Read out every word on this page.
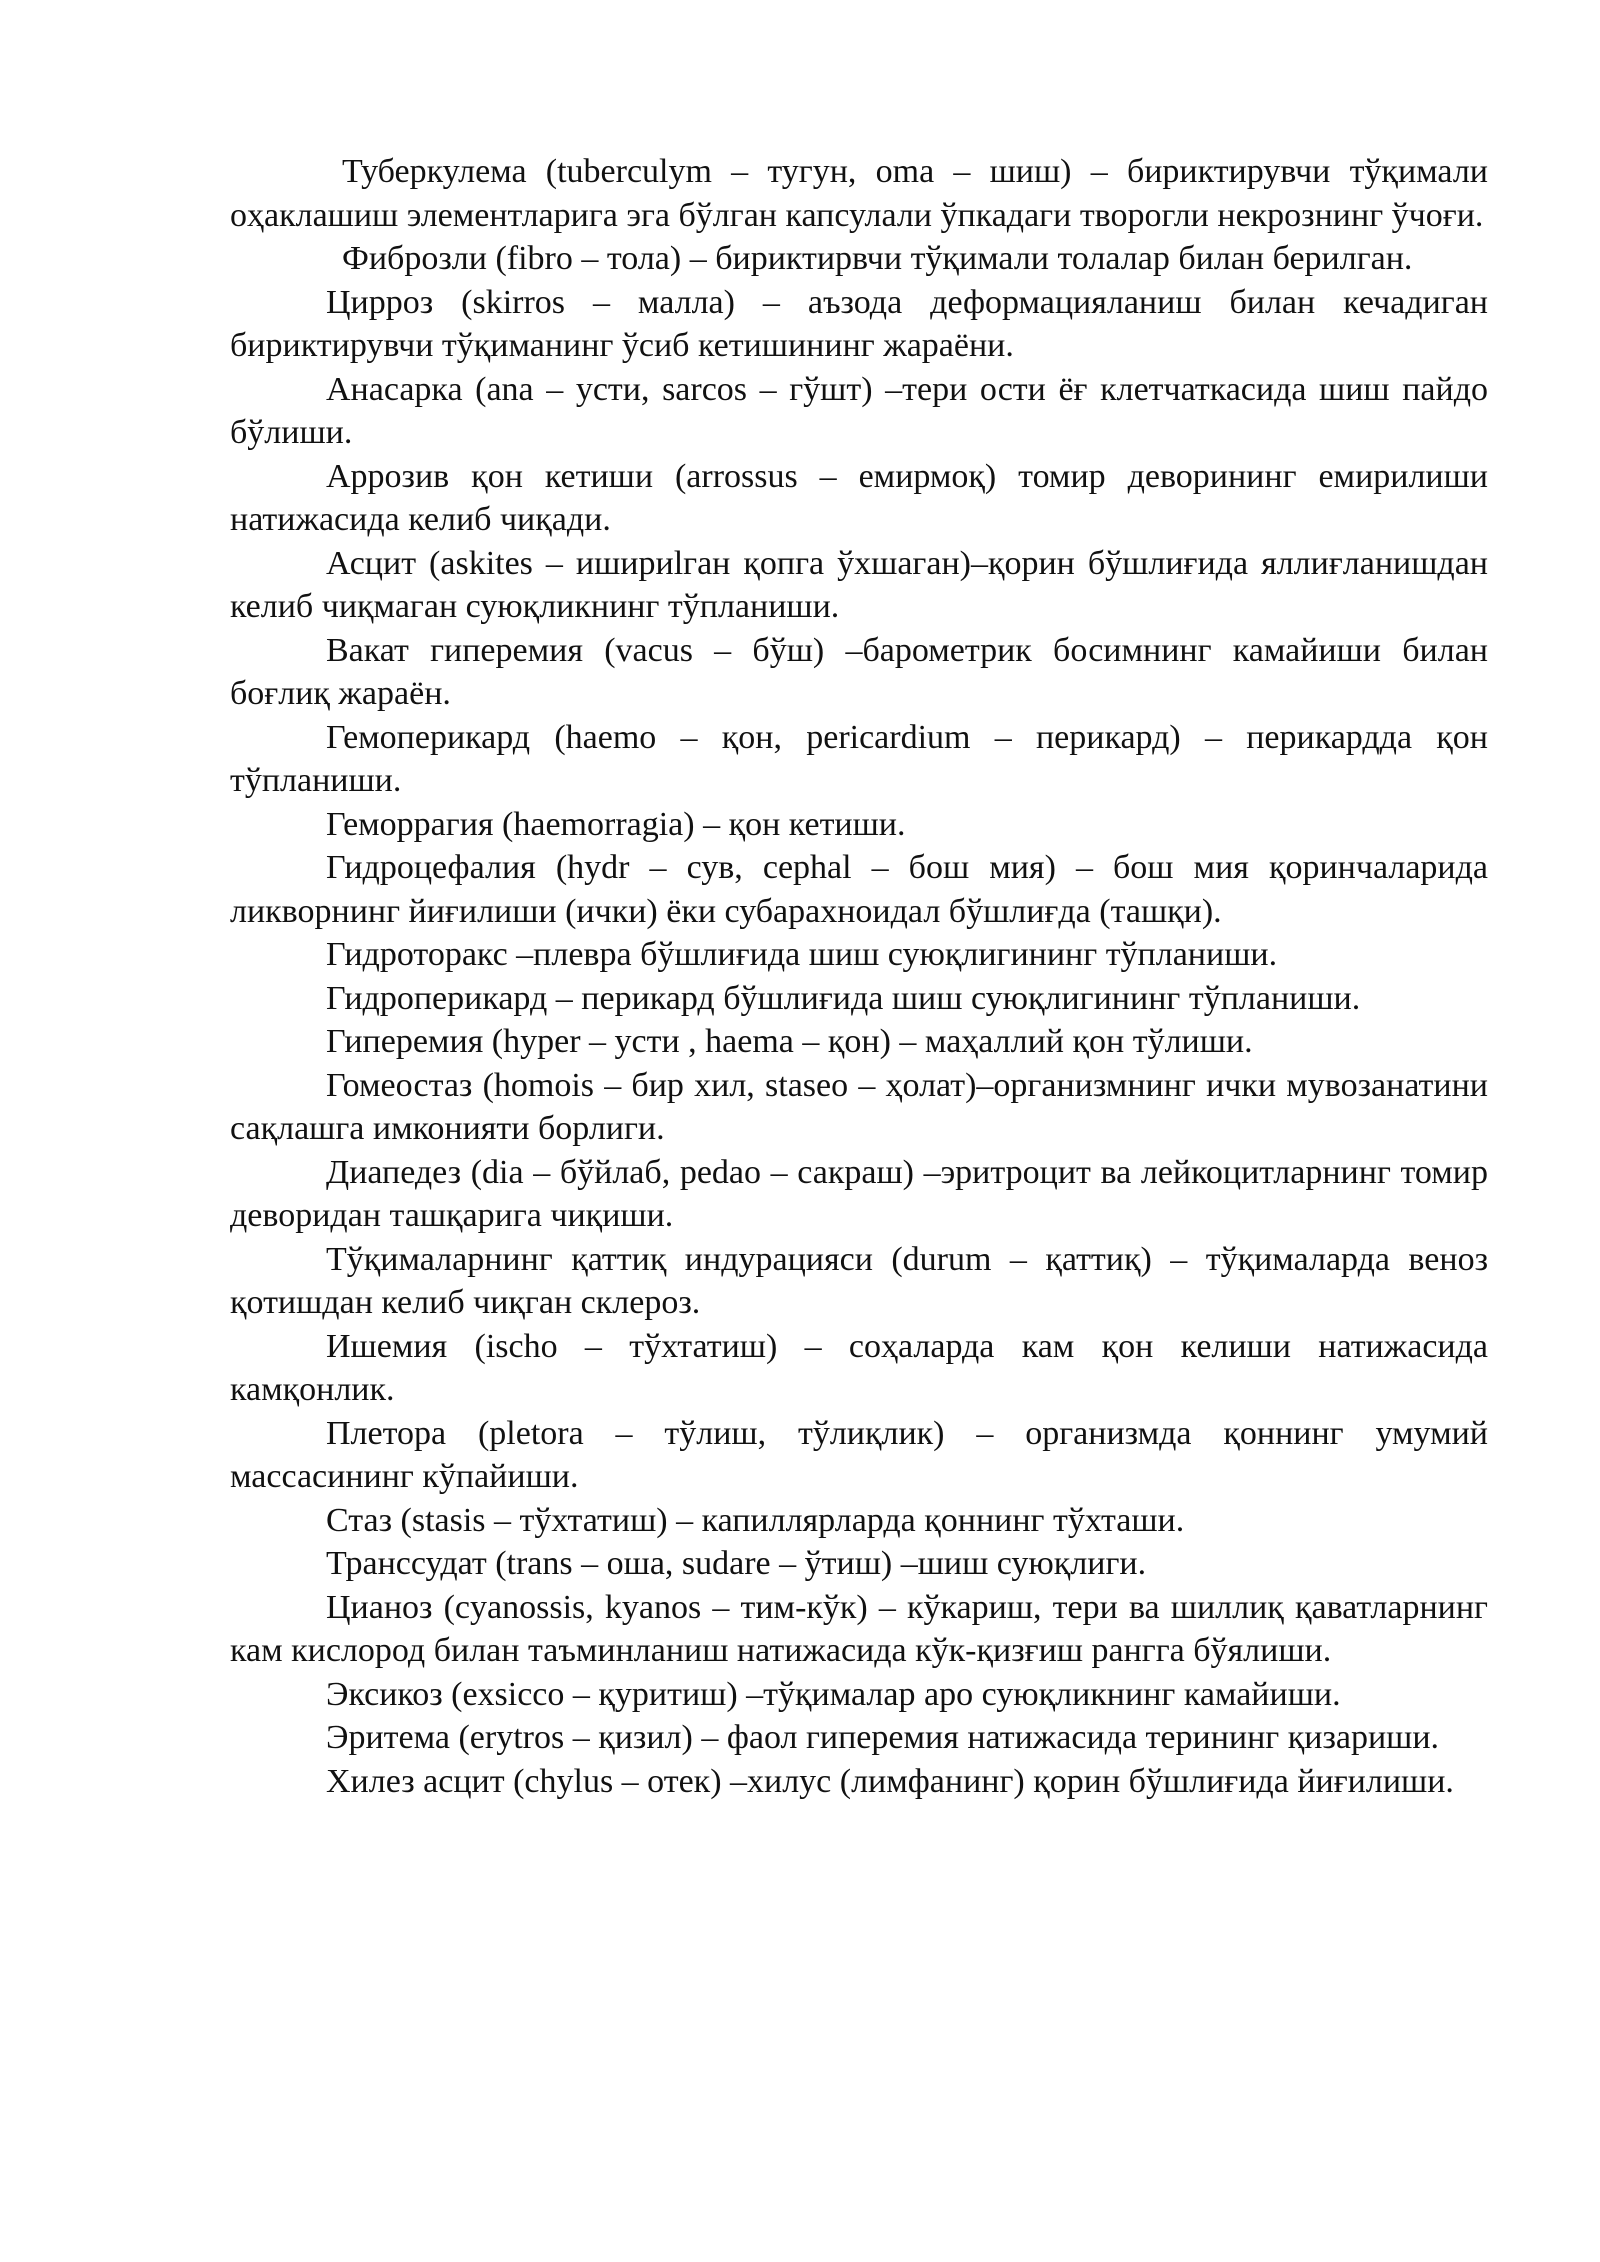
Туберкулема (tuberculym – тугун, oma – шиш) – бириктирувчи тўқимали оҳаклашиш элементларига эга бўлган капсулали ўпкадаги творогли некрознинг ўчоғи.

Фиброзли (fibro – тола) – бириктирвчи тўқимали толалар билан берилган.

Цирроз (skirros – малла) – аъзода деформацияланиш билан кечадиган бириктирувчи тўқиманинг ўсиб кетишининг жараёни.

Анасарка (ana – усти, sarcos – гўшт) –тери ости ёғ клетчаткасида шиш пайдо бўлиши.

Аррозив қон кетиши (arrossus – емирмоқ) томир деворининг емирилиши натижасида келиб чиқади.

Асцит (askites – ишириlган қопга ўхшаган)–қорин бўшлиғида яллиғланишдан келиб чиқмаган суюқликнинг тўпланиши.

Вакат гиперемия (vacus – бўш) –барометрик босимнинг камайиши билан боғлиқ жараён.

Гемоперикард (haemo – қон, pericardium – перикард) – перикардда қон тўпланиши.

Геморрагия (haemorragia) – қон кетиши.

Гидроцефалия (hydr – сув, cephal – бош мия) – бош мия қоринчаларида ликворнинг йиғилиши (ички) ёки субарахноидал бўшлиғда (ташқи).

Гидроторакс –плевра бўшлиғида шиш суюқлигининг тўпланиши.

Гидроперикард – перикард бўшлиғида шиш суюқлигининг тўпланиши.

Гиперемия (hyper – усти , haema – қон) – маҳаллий қон тўлиши.

Гомеостаз (homois – бир хил, staseo – ҳолат)–организмнинг ички мувозанатини сақлашга имконияти борлиги.

Диапедез (dia – бўйлаб, pedao – сакраш) –эритроцит ва лейкоцитларнинг томир деворидан ташқарига чиқиши.

Тўқималарнинг қаттиқ индурацияси (durum – қаттиқ) – тўқималарда веноз қотишдан келиб чиқган склероз.

Ишемия (ischo – тўхтатиш) – соҳаларда кам қон келиши натижасида камқонлик.

Плетора (pletora – тўлиш, тўлиқлик) – организмда қоннинг умумий массасининг кўпайиши.

Стаз (stasis – тўхтатиш) – капиллярларда қоннинг тўхташи.

Транссудат (trans – оша, sudare – ўтиш) –шиш суюқлиги.

Цианоз (cyanossis, kyanos – тим-кўк) – кўкариш, тери ва шиллиқ қаватларнинг кам кислород билан таъминланиш натижасида кўк-қизғиш рангга бўялиши.

Эксикоз (exsicco – қуритиш) –тўқималар аро суюқликнинг камайиши.

Эритема (erytros – қизил) – фаол гиперемия натижасида терининг қизариши.

Хилез асцит (chylus – отек) –хилус (лимфанинг) қорин бўшлиғида йиғилиши.
